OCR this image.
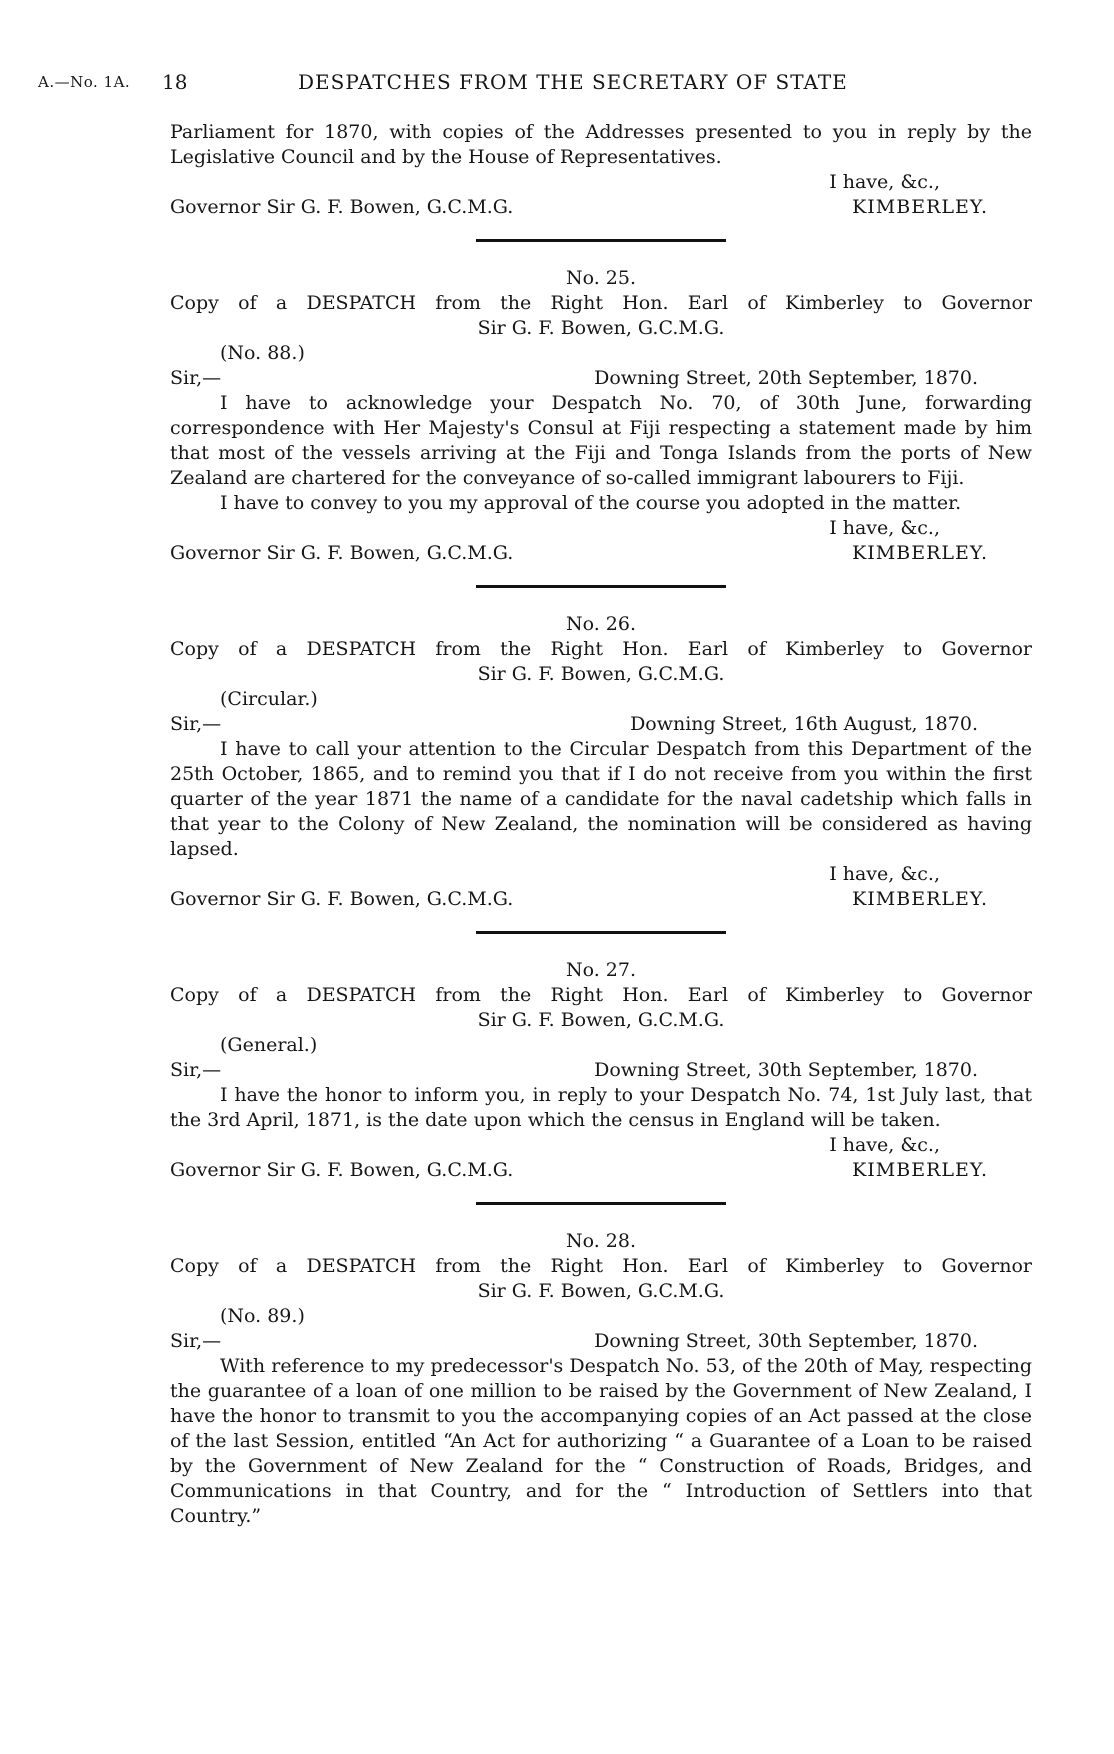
A.—No. 1A. 18	DESPATCHES FROM THE SECRETARY OF STATE

Parliament for 1870, with copies of the Addresses presented to you in reply by the Legislative Council and by the House of Representatives.

I have, &c.,
Governor Sir G. F. Bowen, G.C.M.G.	KIMBERLEY.
No. 25.
Copy of a DESPATCH from the Right Hon. Earl of Kimberley to Governor
Sir G. F. Bowen, G.C.M.G.
(No. 88.)
Sir,—	Downing Street, 20th September, 1870.

I have to acknowledge your Despatch No. 70, of 30th June, forwarding correspondence with Her Majesty's Consul at Fiji respecting a statement made by him that most of the vessels arriving at the Fiji and Tonga Islands from the ports of New Zealand are chartered for the conveyance of so-called immigrant labourers to Fiji.

I have to convey to you my approval of the course you adopted in the matter.

I have, &c.,
Governor Sir G. F. Bowen, G.C.M.G.	KIMBERLEY.
No. 26.
Copy of a DESPATCH from the Right Hon. Earl of Kimberley to Governor
Sir G. F. Bowen, G.C.M.G.
(Circular.)
Sir,—	Downing Street, 16th August, 1870.

I have to call your attention to the Circular Despatch from this Department of the 25th October, 1865, and to remind you that if I do not receive from you within the first quarter of the year 1871 the name of a candidate for the naval cadetship which falls in that year to the Colony of New Zealand, the nomination will be considered as having lapsed.

I have, &c.,
Governor Sir G. F. Bowen, G.C.M.G.	KIMBERLEY.
No. 27.
Copy of a DESPATCH from the Right Hon. Earl of Kimberley to Governor
Sir G. F. Bowen, G.C.M.G.
(General.)
Sir,—	Downing Street, 30th September, 1870.

I have the honor to inform you, in reply to your Despatch No. 74, 1st July last, that the 3rd April, 1871, is the date upon which the census in England will be taken.

I have, &c.,
Governor Sir G. F. Bowen, G.C.M.G.	KIMBERLEY.
No. 28.
Copy of a DESPATCH from the Right Hon. Earl of Kimberley to Governor
Sir G. F. Bowen, G.C.M.G.
(No. 89.)
Sir,—	Downing Street, 30th September, 1870.

With reference to my predecessor's Despatch No. 53, of the 20th of May, respecting the guarantee of a loan of one million to be raised by the Government of New Zealand, I have the honor to transmit to you the accompanying copies of an Act passed at the close of the last Session, entitled “An Act for authorizing “ a Guarantee of a Loan to be raised by the Government of New Zealand for the “ Construction of Roads, Bridges, and Communications in that Country, and for the “ Introduction of Settlers into that Country.”
